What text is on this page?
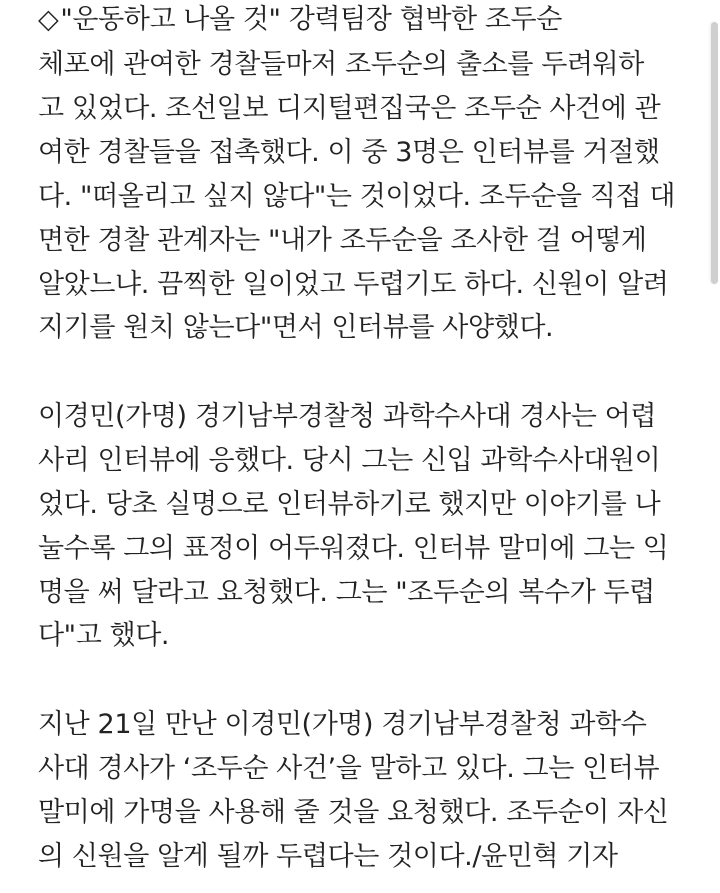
◇"운동하고 나올 것" 강력팀장 협박한 조두순
체포에 관여한 경찰들마저 조두순의 출소를 두려워하
고 있었다. 조선일보 디지털편집국은 조두순 사건에 관
여한 경찰들을 접촉했다. 이 중 3명은 인터뷰를 거절했
다. "떠올리고 싶지 않다"는 것이었다. 조두순을 직접 대
면한 경찰 관계자는 "내가 조두순을 조사한 걸 어떻게
알았느냐. 끔찍한 일이었고 두렵기도 하다. 신원이 알려
지기를 원치 않는다"면서 인터뷰를 사양했다.
이경민(가명) 경기남부경찰청 과학수사대 경사는 어렵
사리 인터뷰에 응했다. 당시 그는 신입 과학수사대원이
었다. 당초 실명으로 인터뷰하기로 했지만 이야기를 나
눌수록 그의 표정이 어두워졌다. 인터뷰 말미에 그는 익
명을 써 달라고 요청했다. 그는 "조두순의 복수가 두렵
다"고 했다.
지난 21일 만난 이경민(가명) 경기남부경찰청 과학수
사대 경사가 ‘조두순 사건’을 말하고 있다. 그는 인터뷰
말미에 가명을 사용해 줄 것을 요청했다. 조두순이 자신
의 신원을 알게 될까 두렵다는 것이다./윤민혁 기자
